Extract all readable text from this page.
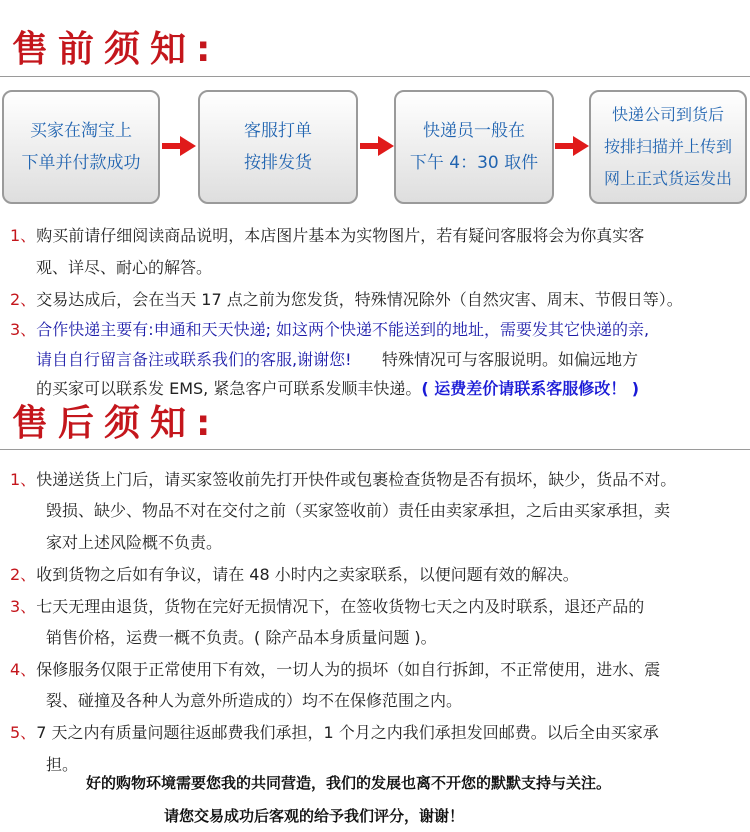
售前须知:
买家在淘宝上
下单并付款成功
客服打单
按排发货
快递员一般在
下午 4：30 取件
快递公司到货后
按排扫描并上传到
网上正式货运发出
1、购买前请仔细阅读商品说明，本店图片基本为实物图片，若有疑问客服将会为你真实客
观、详尽、耐心的解答。
2、交易达成后，会在当天 17 点之前为您发货，特殊情况除外（自然灾害、周末、节假日等）。
3、合作快递主要有:申通和天天快递; 如这两个快递不能送到的地址，需要发其它快递的亲,
请自自行留言备注或联系我们的客服,谢谢您! 特殊情况可与客服说明。如偏远地方
的买家可以联系发 EMS, 紧急客户可联系发顺丰快递。( 运费差价请联系客服修改！ )
售后须知:
1、快递送货上门后，请买家签收前先打开快件或包裹检查货物是否有损坏，缺少，货品不对。
毁损、缺少、物品不对在交付之前（买家签收前）责任由卖家承担，之后由买家承担，卖
家对上述风险概不负责。
2、收到货物之后如有争议，请在 48 小时内之卖家联系，以便问题有效的解决。
3、七天无理由退货，货物在完好无损情况下，在签收货物七天之内及时联系，退还产品的
销售价格，运费一概不负责。( 除产品本身质量问题 )。
4、保修服务仅限于正常使用下有效，一切人为的损坏（如自行拆卸，不正常使用，进水、震
裂、碰撞及各种人为意外所造成的）均不在保修范围之内。
5、7 天之内有质量问题往返邮费我们承担，1 个月之内我们承担发回邮费。以后全由买家承
担。
好的购物环境需要您我的共同营造，我们的发展也离不开您的默默支持与关注。
请您交易成功后客观的给予我们评分，谢谢！
